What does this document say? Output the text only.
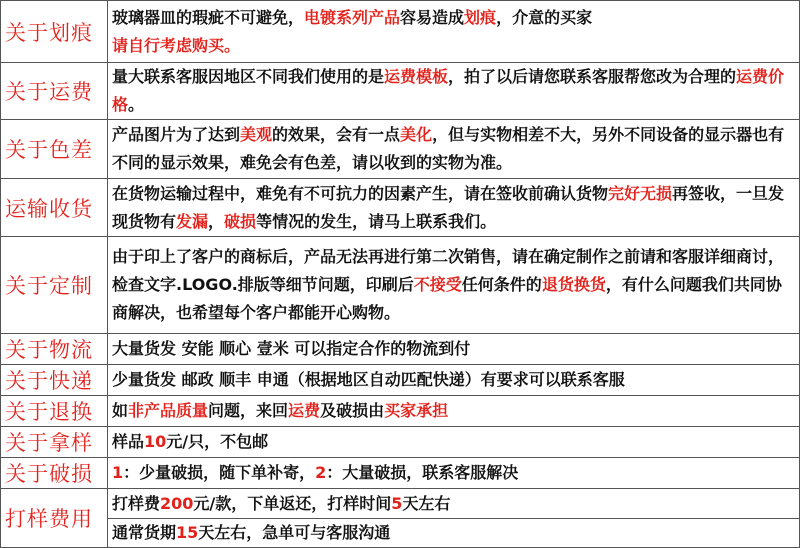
关于划痕	玻璃器皿的瑕疵不可避免，电镀系列产品容易造成划痕，介意的买家
请自行考虑购买。
关于运费	量大联系客服因地区不同我们使用的是运费模板，拍了以后请您联系客服帮您改为合理的运费价格。
关于色差	产品图片为了达到美观的效果，会有一点美化，但与实物相差不大，另外不同设备的显示器也有不同的显示效果，难免会有色差，请以收到的实物为准。
运输收货	在货物运输过程中，难免有不可抗力的因素产生，请在签收前确认货物完好无损再签收，一旦发现货物有发漏，破损等情况的发生，请马上联系我们。
关于定制	由于印上了客户的商标后，产品无法再进行第二次销售，请在确定制作之前请和客服详细商讨，检查文字.LOGO.排版等细节问题，印刷后不接受任何条件的退货换货，有什么问题我们共同协商解决，也希望每个客户都能开心购物。
关于物流	大量货发 安能 顺心 壹米 可以指定合作的物流到付
关于快递	少量货发 邮政 顺丰 申通（根据地区自动匹配快递）有要求可以联系客服
关于退换	如非产品质量问题，来回运费及破损由买家承担
关于拿样	样品10元/只，不包邮
关于破损	1：少量破损，随下单补寄，2：大量破损，联系客服解决
打样费用	打样费200元/款，下单返还，打样时间5天左右
	通常货期15天左右，急单可与客服沟通
